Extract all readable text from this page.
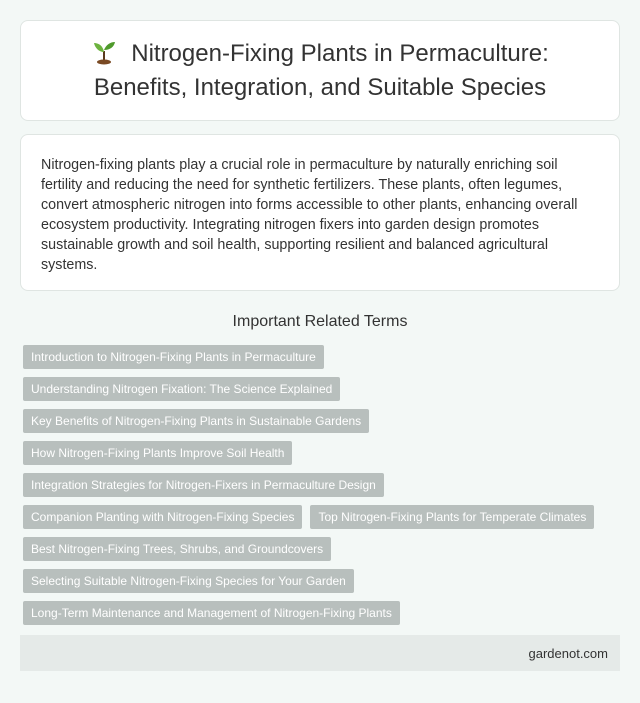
Nitrogen-Fixing Plants in Permaculture: Benefits, Integration, and Suitable Species

Nitrogen-fixing plants play a crucial role in permaculture by naturally enriching soil fertility and reducing the need for synthetic fertilizers. These plants, often legumes, convert atmospheric nitrogen into forms accessible to other plants, enhancing overall ecosystem productivity. Integrating nitrogen fixers into garden design promotes sustainable growth and soil health, supporting resilient and balanced agricultural systems.

Important Related Terms
Introduction to Nitrogen-Fixing Plants in Permaculture
Understanding Nitrogen Fixation: The Science Explained
Key Benefits of Nitrogen-Fixing Plants in Sustainable Gardens
How Nitrogen-Fixing Plants Improve Soil Health
Integration Strategies for Nitrogen-Fixers in Permaculture Design
Companion Planting with Nitrogen-Fixing Species	Top Nitrogen-Fixing Plants for Temperate Climates
Best Nitrogen-Fixing Trees, Shrubs, and Groundcovers
Selecting Suitable Nitrogen-Fixing Species for Your Garden
Long-Term Maintenance and Management of Nitrogen-Fixing Plants
gardenot.com
